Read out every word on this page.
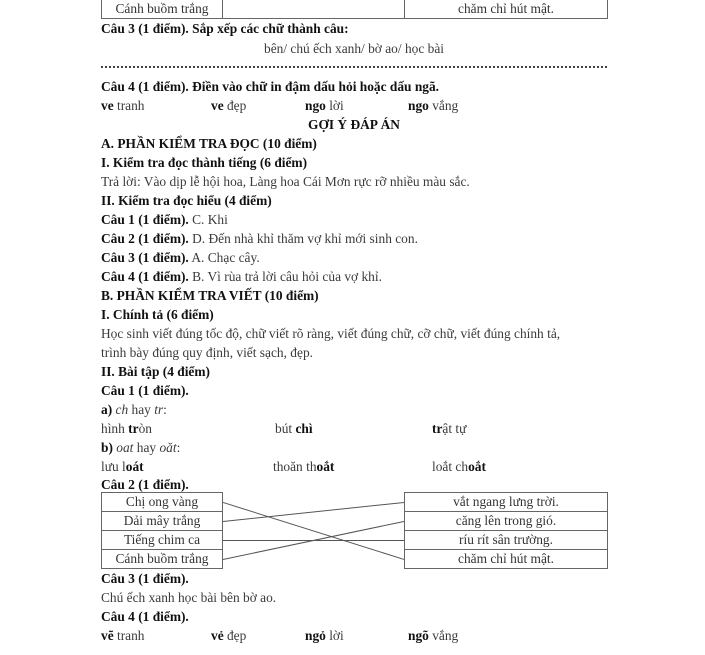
Cánh buồm trắng		chăm chỉ hút mật.
Câu 3 (1 điểm). Sắp xếp các chữ thành câu:
bên/ chú ếch xanh/ bờ ao/ học bài
Câu 4 (1 điểm). Điền vào chữ in đậm dấu hỏi hoặc dấu ngã.
ve tranh	ve đẹp	ngo lời	ngo vắng
GỢI Ý ĐÁP ÁN
A. PHẦN KIỂM TRA ĐỌC (10 điểm)
I. Kiểm tra đọc thành tiếng (6 điểm)
Trả lời: Vào dịp lễ hội hoa, Làng hoa Cái Mơn rực rỡ nhiều màu sắc.
II. Kiểm tra đọc hiểu (4 điểm)
Câu 1 (1 điểm). C. Khi
Câu 2 (1 điểm). D. Đến nhà khỉ thăm vợ khỉ mới sinh con.
Câu 3 (1 điểm). A. Chạc cây.
Câu 4 (1 điểm). B. Vì rùa trả lời câu hỏi của vợ khỉ.
B. PHẦN KIỂM TRA VIẾT (10 điểm)
I. Chính tả (6 điểm)
Học sinh viết đúng tốc độ, chữ viết rõ ràng, viết đúng chữ, cỡ chữ, viết đúng chính tả,
trình bày đúng quy định, viết sạch, đẹp.
II. Bài tập (4 điểm)
Câu 1 (1 điểm).
a) ch hay tr:
hình tròn	bút chì	trật tự
b) oat hay oăt:
lưu loát	thoăn thoắt	loắt choắt
Câu 2 (1 điểm).
Chị ong vàng		vắt ngang lưng trời.
Dải mây trắng		căng lên trong gió.
Tiếng chim ca		ríu rít sân trường.
Cánh buồm trắng		chăm chỉ hút mật.
Câu 3 (1 điểm).
Chú ếch xanh học bài bên bờ ao.
Câu 4 (1 điểm).
vẽ tranh	vẻ đẹp	ngỏ lời	ngõ vắng
